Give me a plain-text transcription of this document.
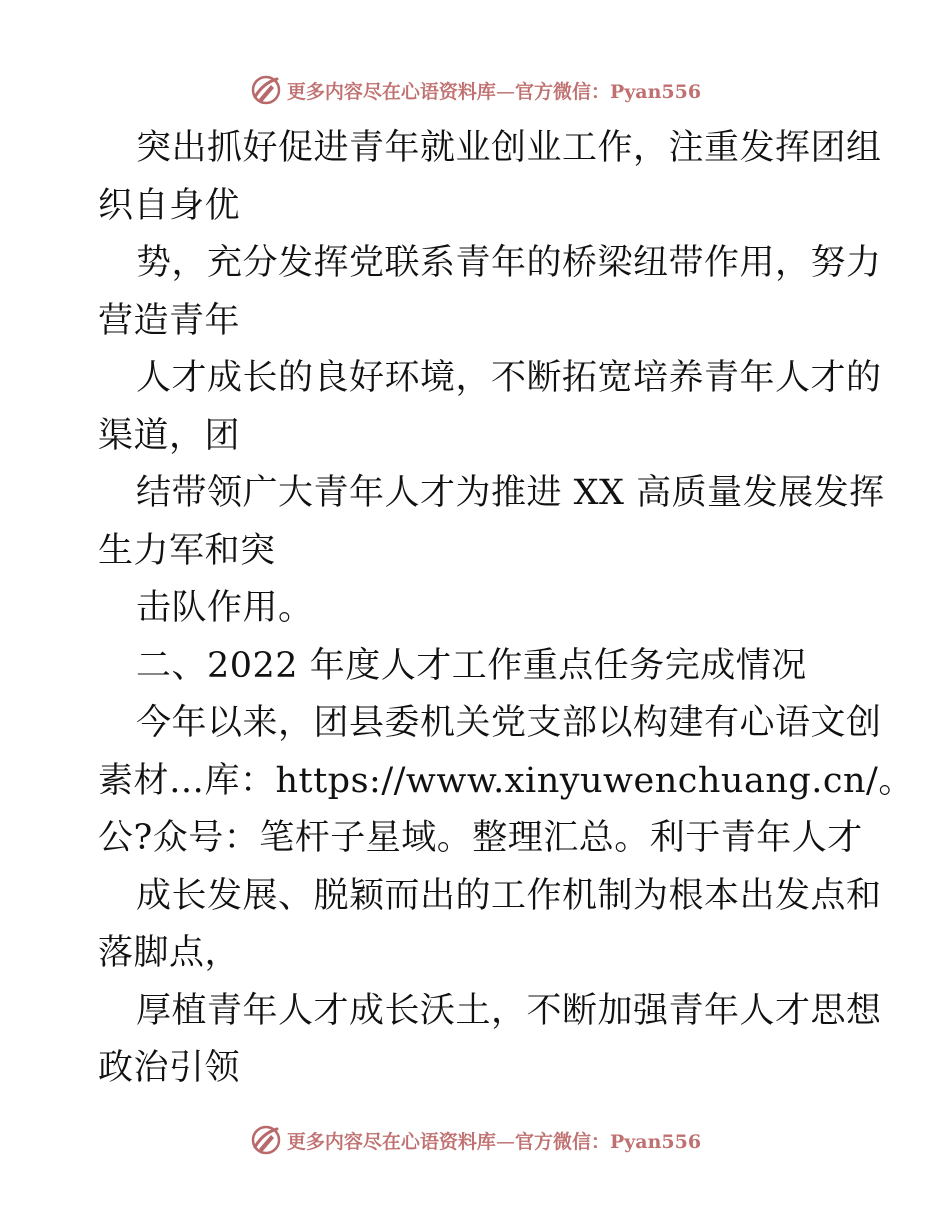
更多内容尽在心语资料库—官方微信：Pyan556
突出抓好促进青年就业创业工作，注重发挥团组
织自身优
势，充分发挥党联系青年的桥梁纽带作用，努力
营造青年
人才成长的良好环境，不断拓宽培养青年人才的
渠道，团
结带领广大青年人才为推进 XX 高质量发展发挥
生力军和突
击队作用。
二、2022 年度人才工作重点任务完成情况
今年以来，团县委机关党支部以构建有心语文创
素材…库：https://www.xinyuwenchuang.cn/。
公?众号：笔杆子星域。整理汇总。利于青年人才
成长发展、脱颖而出的工作机制为根本出发点和
落脚点，
厚植青年人才成长沃土，不断加强青年人才思想
政治引领
更多内容尽在心语资料库—官方微信：Pyan556
